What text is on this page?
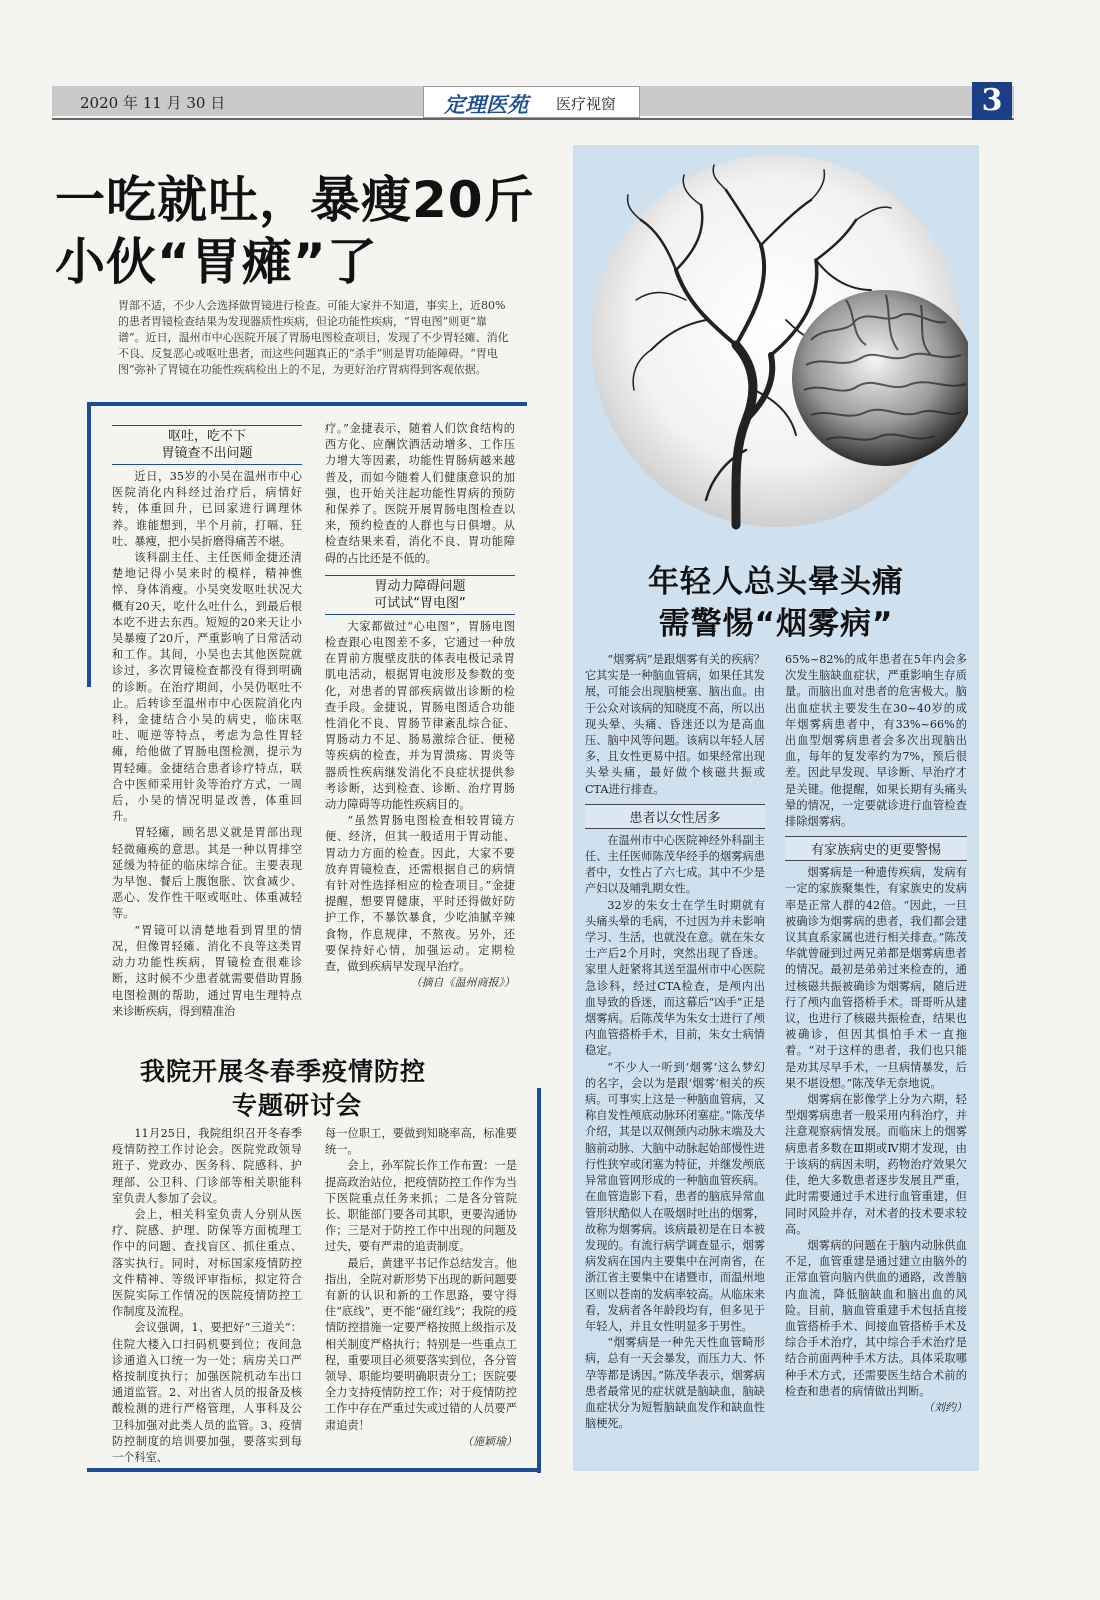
2020 年 11 月 30 日	定理医苑 医疗视窗	3
一吃就吐，暴瘦20斤
小伙“胃瘫”了
胃部不适，不少人会选择做胃镜进行检查。可能大家并不知道，事实上，近80%的患者胃镜检查结果为发现器质性疾病，但论功能性疾病，“胃电图”则更“靠谱”。近日，温州市中心医院开展了胃肠电图检查项目，发现了不少胃轻瘫、消化不良、反复恶心或呕吐患者，而这些问题真正的“杀手”则是胃功能障碍。“胃电图”弥补了胃镜在功能性疾病检出上的不足，为更好治疗胃病得到客观依据。
呕吐，吃不下
胃镜查不出问题

近日，35岁的小吴在温州市中心医院消化内科经过治疗后，病情好转，体重回升，已回家进行调理休养。谁能想到，半个月前，打嗝、狂吐、暴瘦，把小吴折磨得痛苦不堪。

该科副主任、主任医师金捷还清楚地记得小吴来时的模样，精神憔悴、身体消瘦。小吴突发呕吐状况大概有20天，吃什么吐什么，到最后根本吃不进去东西。短短的20来天让小吴暴瘦了20斤，严重影响了日常活动和工作。其间，小吴也去其他医院就诊过，多次胃镜检查都没有得到明确的诊断。在治疗期间，小吴仍呕吐不止。后转诊至温州市中心医院消化内科，金捷结合小吴的病史，临床呕吐、呃逆等特点，考虑为急性胃轻瘫，给他做了胃肠电图检测，提示为胃轻瘫。金捷结合患者诊疗特点，联合中医师采用针灸等治疗方式，一周后，小吴的情况明显改善，体重回升。

胃轻瘫，顾名思义就是胃部出现轻微瘫痪的意思。其是一种以胃排空延缓为特征的临床综合征。主要表现为早饱、餐后上腹饱胀、饮食减少、恶心、发作性干呕或呕吐、体重减轻等。

“胃镜可以清楚地看到胃里的情况，但像胃轻瘫、消化不良等这类胃动力功能性疾病，胃镜检查很难诊断，这时候不少患者就需要借助胃肠电图检测的帮助，通过胃电生理特点来诊断疾病，得到精准治

疗。”金捷表示，随着人们饮食结构的西方化、应酬饮酒活动增多、工作压力增大等因素，功能性胃肠病越来越普及，而如今随着人们健康意识的加强，也开始关注起功能性胃病的预防和保养了。医院开展胃肠电图检查以来，预约检查的人群也与日俱增。从检查结果来看，消化不良、胃功能障碍的占比还是不低的。

胃动力障碍问题
可试试“胃电图”

大家都做过“心电图”，胃肠电图检查跟心电图差不多，它通过一种放在胃前方腹壁皮肤的体表电极记录胃肌电活动，根据胃电波形及参数的变化，对患者的胃部疾病做出诊断的检查手段。金捷说，胃肠电图适合功能性消化不良、胃肠节律紊乱综合征、胃肠动力不足、肠易激综合征、便秘等疾病的检查，并为胃溃疡、胃炎等器质性疾病继发消化不良症状提供参考诊断，达到检查、诊断、治疗胃肠动力障碍等功能性疾病目的。

“虽然胃肠电图检查相较胃镜方便、经济，但其一般适用于胃动能、胃动力方面的检查。因此，大家不要放弃胃镜检查，还需根据自己的病情有针对性选择相应的检查项目。”金捷提醒，想要胃健康，平时还得做好防护工作，不暴饮暴食，少吃油腻辛辣食物，作息规律，不熬夜。另外，还要保持好心情，加强运动。定期检查，做到疾病早发现早治疗。

（摘自《温州商报》）

我院开展冬春季疫情防控
专题研讨会

11月25日，我院组织召开冬春季疫情防控工作讨论会。医院党政领导班子、党政办、医务科、院感科、护理部、公卫科、门诊部等相关职能科室负责人参加了会议。

会上，相关科室负责人分别从医疗、院感、护理、防保等方面梳理工作中的问题、查找盲区、抓住重点、落实执行。同时，对标国家疫情防控文件精神、等级评审指标，拟定符合医院实际工作情况的医院疫情防控工作制度及流程。

会议强调，1、要把好“三道关”：住院大楼入口扫码机要到位；夜间急诊通道入口统一为一处；病房关口严格按制度执行；加强医院机动车出口通道监管。2、对出省人员的报备及核酸检测的进行严格管理，人事科及公卫科加强对此类人员的监管。3、疫情防控制度的培训要加强，要落实到每一个科室、

每一位职工，要做到知晓率高，标准要统一。

会上，孙军院长作工作布置：一是提高政治站位，把疫情防控工作作为当下医院重点任务来抓；二是各分管院长、职能部门要各司其职，更要沟通协作；三是对于防控工作中出现的问题及过失，要有严肃的追责制度。

最后，黄建平书记作总结发言。他指出，全院对新形势下出现的新问题要有新的认识和新的工作思路，要守得住“底线”，更不能“碰红线”；我院的疫情防控措施一定要严格按照上级指示及相关制度严格执行；特别是一些重点工程，重要项目必须要落实到位，各分管领导、职能均要明确职责分工；医院要全力支持疫情防控工作；对于疫情防控工作中存在严重过失或过错的人员要严肃追责！

（施颖瑜）

年轻人总头晕头痛
需警惕“烟雾病”

“烟雾病”是跟烟雾有关的疾病？它其实是一种脑血管病，如果任其发展，可能会出现脑梗塞、脑出血。由于公众对该病的知晓度不高，所以出现头晕、头痛、昏迷还以为是高血压、脑中风等问题。该病以年轻人居多，且女性更易中招。如果经常出现头晕头痛，最好做个核磁共振或CTA进行排查。

患者以女性居多

在温州市中心医院神经外科副主任、主任医师陈茂华经手的烟雾病患者中，女性占了六七成。其中不少是产妇以及哺乳期女性。

32岁的朱女士在学生时期就有头痛头晕的毛病，不过因为并未影响学习、生活，也就没在意。就在朱女士产后2个月时，突然出现了昏迷。家里人赶紧将其送至温州市中心医院急诊科，经过CTA检查，是颅内出血导致的昏迷，而这幕后“凶手”正是烟雾病。后陈茂华为朱女士进行了颅内血管搭桥手术，目前，朱女士病情稳定。

“不少人一听到‘烟雾’这么梦幻的名字，会以为是跟‘烟雾’相关的疾病。可事实上这是一种脑血管病，又称自发性颅底动脉环闭塞症。”陈茂华介绍，其是以双侧颈内动脉末端及大脑前动脉、大脑中动脉起始部慢性进行性狭窄或闭塞为特征，并继发颅底异常血管网形成的一种脑血管疾病。在血管造影下看，患者的脑底异常血管形状酷似人在吸烟时吐出的烟雾，故称为烟雾病。该病最初是在日本被发现的。有流行病学调查显示，烟雾病发病在国内主要集中在河南省，在浙江省主要集中在诸暨市，而温州地区则以苍南的发病率较高。从临床来看，发病者各年龄段均有，但多见于年轻人，并且女性明显多于男性。

“烟雾病是一种先天性血管畸形病，总有一天会暴发，而压力大、怀孕等都是诱因。”陈茂华表示，烟雾病患者最常见的症状就是脑缺血，脑缺血症状分为短暂脑缺血发作和缺血性脑梗死。

65%~82%的成年患者在5年内会多次发生脑缺血症状，严重影响生存质量。而脑出血对患者的危害极大。脑出血症状主要发生在30~40岁的成年烟雾病患者中，有33%~66%的出血型烟雾病患者会多次出现脑出血，每年的复发率约为7%，预后很差。因此早发现、早诊断、早治疗才是关键。他提醒，如果长期有头痛头晕的情况，一定要就诊进行血管检查排除烟雾病。

有家族病史的更要警惕

烟雾病是一种遗传疾病，发病有一定的家族聚集性，有家族史的发病率是正常人群的42倍。“因此，一旦被确诊为烟雾病的患者，我们都会建议其直系家属也进行相关排查。”陈茂华就曾碰到过两兄弟都是烟雾病患者的情况。最初是弟弟过来检查的，通过核磁共振被确诊为烟雾病，随后进行了颅内血管搭桥手术。哥哥听从建议，也进行了核磁共振检查，结果也被确诊，但因其惧怕手术一直拖着。“对于这样的患者，我们也只能是劝其尽早手术，一旦病情暴发，后果不堪设想。”陈茂华无奈地说。

烟雾病在影像学上分为六期，轻型烟雾病患者一般采用内科治疗，并注意观察病情发展。而临床上的烟雾病患者多数在Ⅲ期或Ⅳ期才发现，由于该病的病因未明，药物治疗效果欠佳，绝大多数患者逐步发展且严重，此时需要通过手术进行血管重建，但同时风险并存，对术者的技术要求较高。

烟雾病的问题在于脑内动脉供血不足，血管重建是通过建立由脑外的正常血管向脑内供血的通路，改善脑内血流，降低脑缺血和脑出血的风险。目前，脑血管重建手术包括直接血管搭桥手术、间接血管搭桥手术及综合手术治疗，其中综合手术治疗是结合前面两种手术方法。具体采取哪种手术方式，还需要医生结合术前的检查和患者的病情做出判断。

（刘约）
